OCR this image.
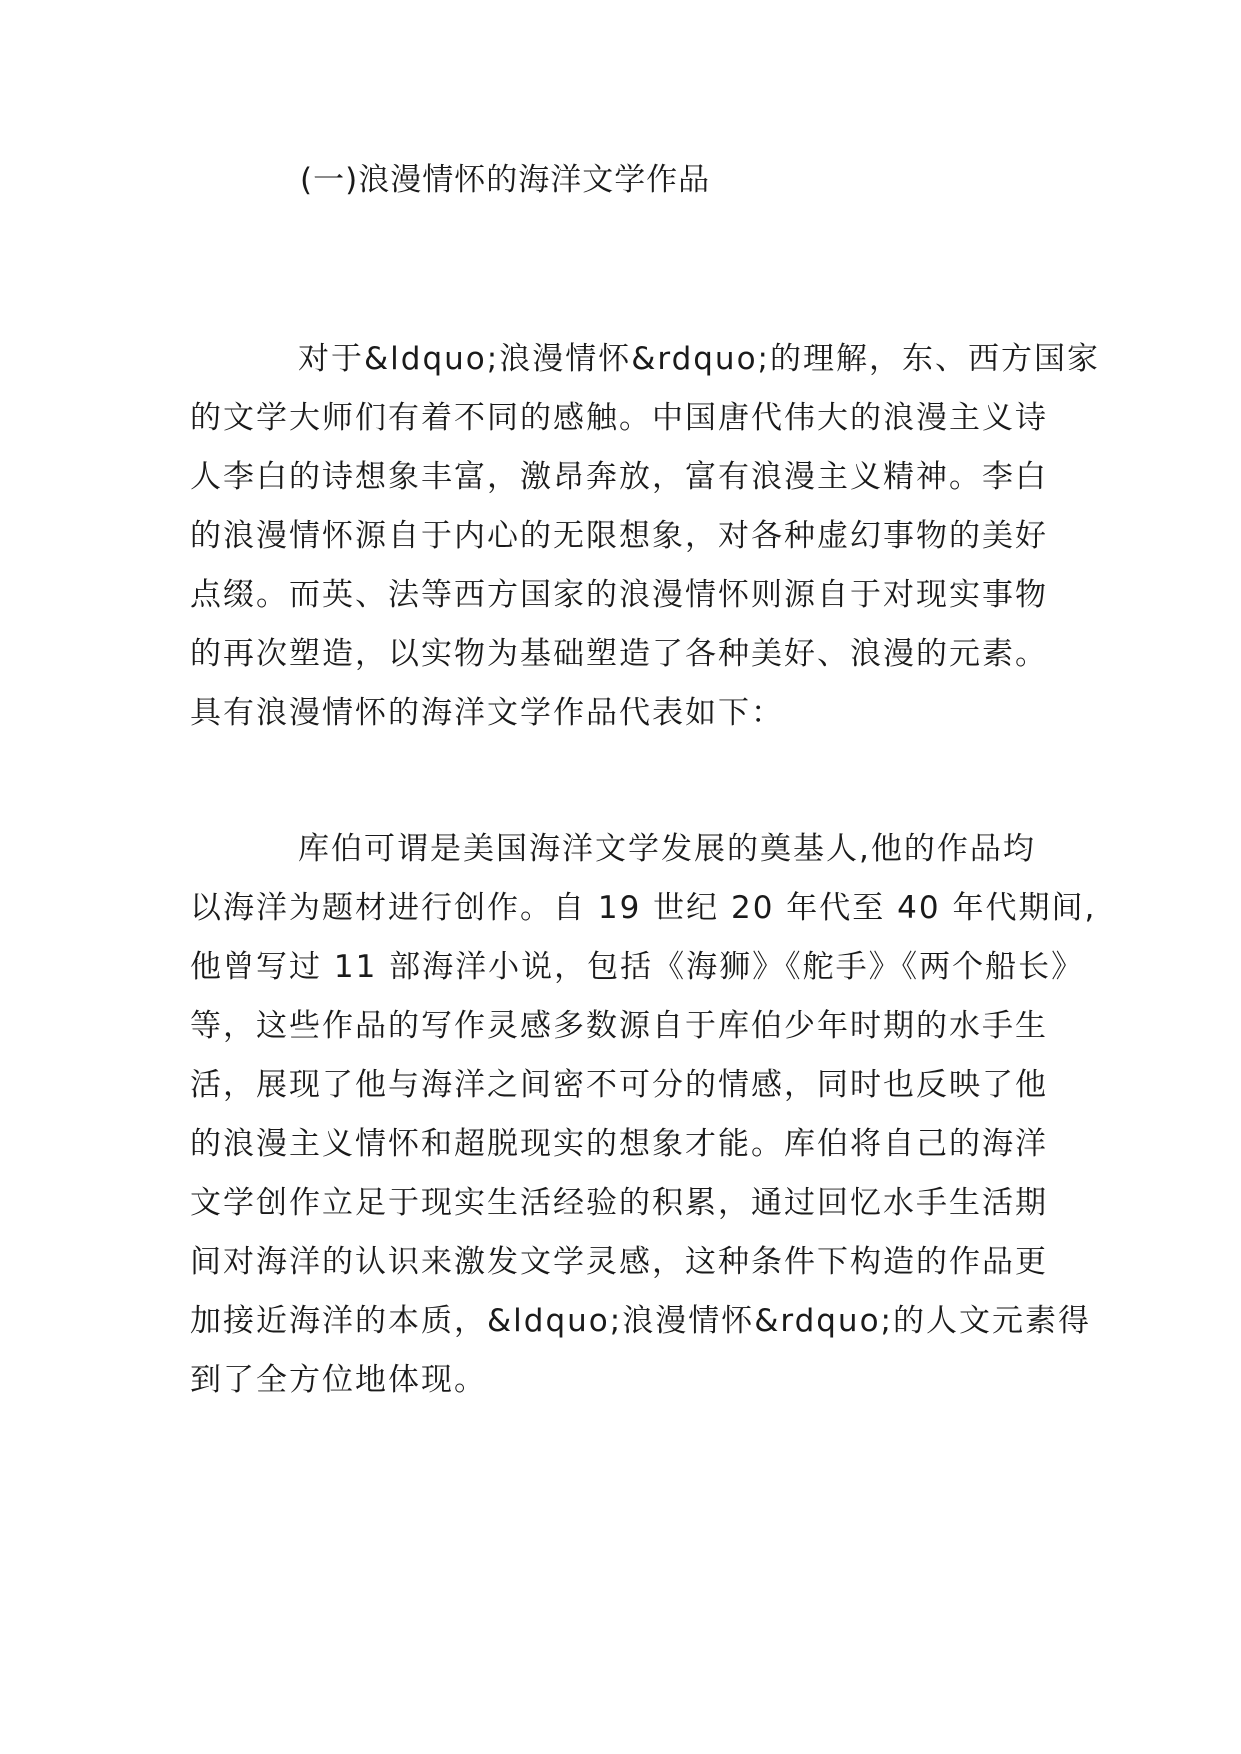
(一)浪漫情怀的海洋文学作品
对于&ldquo;浪漫情怀&rdquo;的理解，东、西方国家
的文学大师们有着不同的感触。中国唐代伟大的浪漫主义诗
人李白的诗想象丰富，激昂奔放，富有浪漫主义精神。李白
的浪漫情怀源自于内心的无限想象，对各种虚幻事物的美好
点缀。而英、法等西方国家的浪漫情怀则源自于对现实事物
的再次塑造，以实物为基础塑造了各种美好、浪漫的元素。
具有浪漫情怀的海洋文学作品代表如下：
库伯可谓是美国海洋文学发展的奠基人,他的作品均
以海洋为题材进行创作。自 19 世纪 20 年代至 40 年代期间,
他曾写过 11 部海洋小说，包括《海狮》《舵手》《两个船长》
等，这些作品的写作灵感多数源自于库伯少年时期的水手生
活，展现了他与海洋之间密不可分的情感，同时也反映了他
的浪漫主义情怀和超脱现实的想象才能。库伯将自己的海洋
文学创作立足于现实生活经验的积累，通过回忆水手生活期
间对海洋的认识来激发文学灵感，这种条件下构造的作品更
加接近海洋的本质，&ldquo;浪漫情怀&rdquo;的人文元素得
到了全方位地体现。
